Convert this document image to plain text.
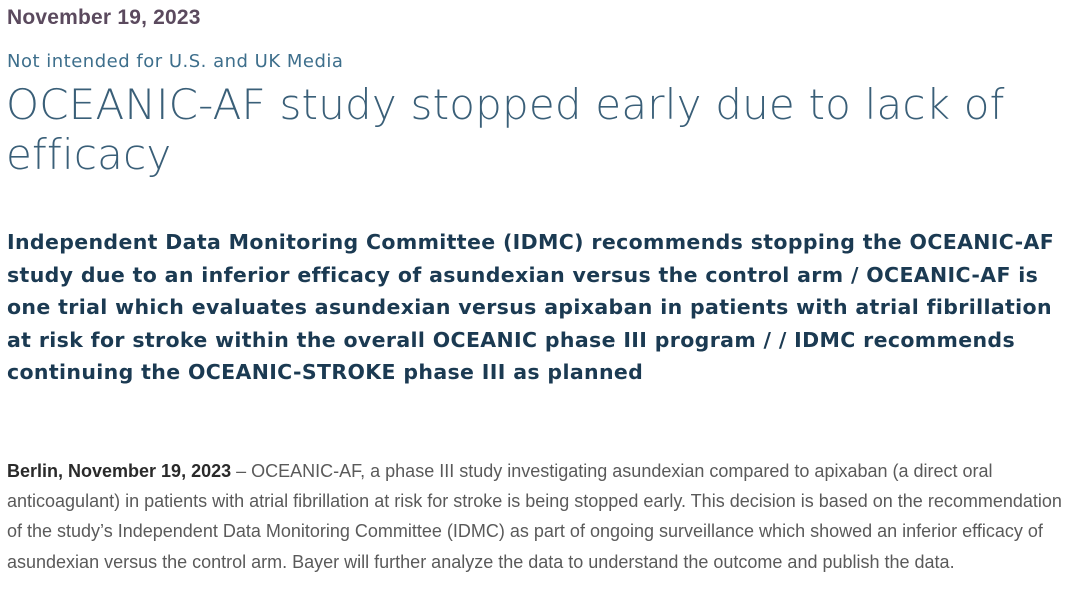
November 19, 2023
Not intended for U.S. and UK Media
OCEANIC-AF study stopped early due to lack of efficacy

Independent Data Monitoring Committee (IDMC) recommends stopping the OCEANIC-AF study due to an inferior efficacy of asundexian versus the control arm / OCEANIC-AF is one trial which evaluates asundexian versus apixaban in patients with atrial fibrillation at risk for stroke within the overall OCEANIC phase III program / / IDMC recommends continuing the OCEANIC-STROKE phase III as planned

Berlin, November 19, 2023 – OCEANIC-AF, a phase III study investigating asundexian compared to apixaban (a direct oral anticoagulant) in patients with atrial fibrillation at risk for stroke is being stopped early. This decision is based on the recommendation of the study’s Independent Data Monitoring Committee (IDMC) as part of ongoing surveillance which showed an inferior efficacy of asundexian versus the control arm. Bayer will further analyze the data to understand the outcome and publish the data.
